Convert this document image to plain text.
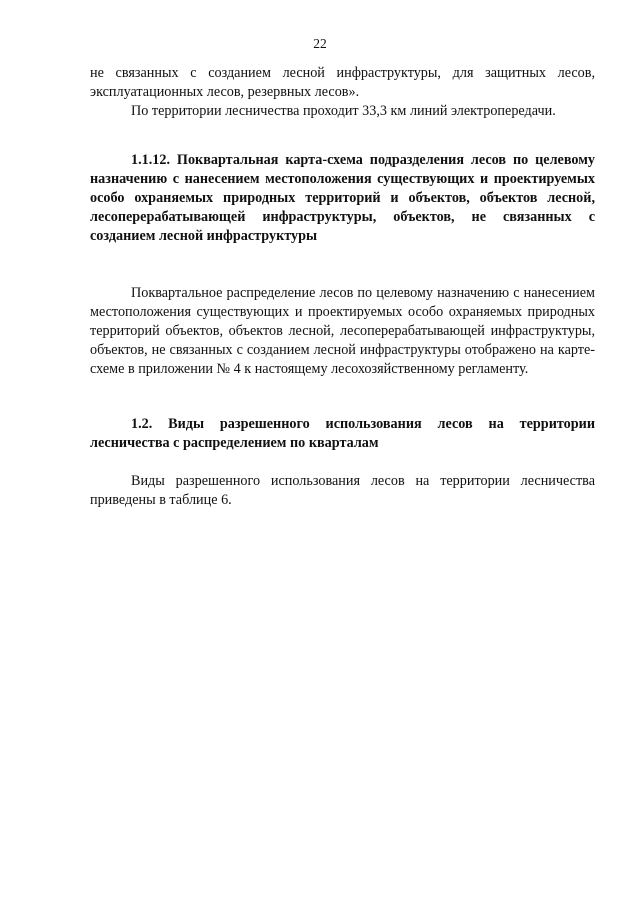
22

не связанных с созданием лесной инфраструктуры, для защитных лесов, эксплуатационных лесов, резервных лесов».

По территории лесничества проходит 33,3 км линий электропередачи.

1.1.12. Поквартальная карта-схема подразделения лесов по целевому назначению с нанесением местоположения существующих и проектируемых особо охраняемых природных территорий и объектов, объектов лесной, лесоперерабатывающей инфраструктуры, объектов, не связанных с созданием лесной инфраструктуры

Поквартальное распределение лесов по целевому назначению с нанесением местоположения существующих и проектируемых особо охраняемых природных территорий объектов, объектов лесной, лесоперерабатывающей инфраструктуры, объектов, не связанных с созданием лесной инфраструктуры отображено на карте-схеме в приложении № 4 к настоящему лесохозяйственному регламенту.

1.2. Виды разрешенного использования лесов на территории лесничества с распределением по кварталам

Виды разрешенного использования лесов на территории лесничества приведены в таблице 6.
